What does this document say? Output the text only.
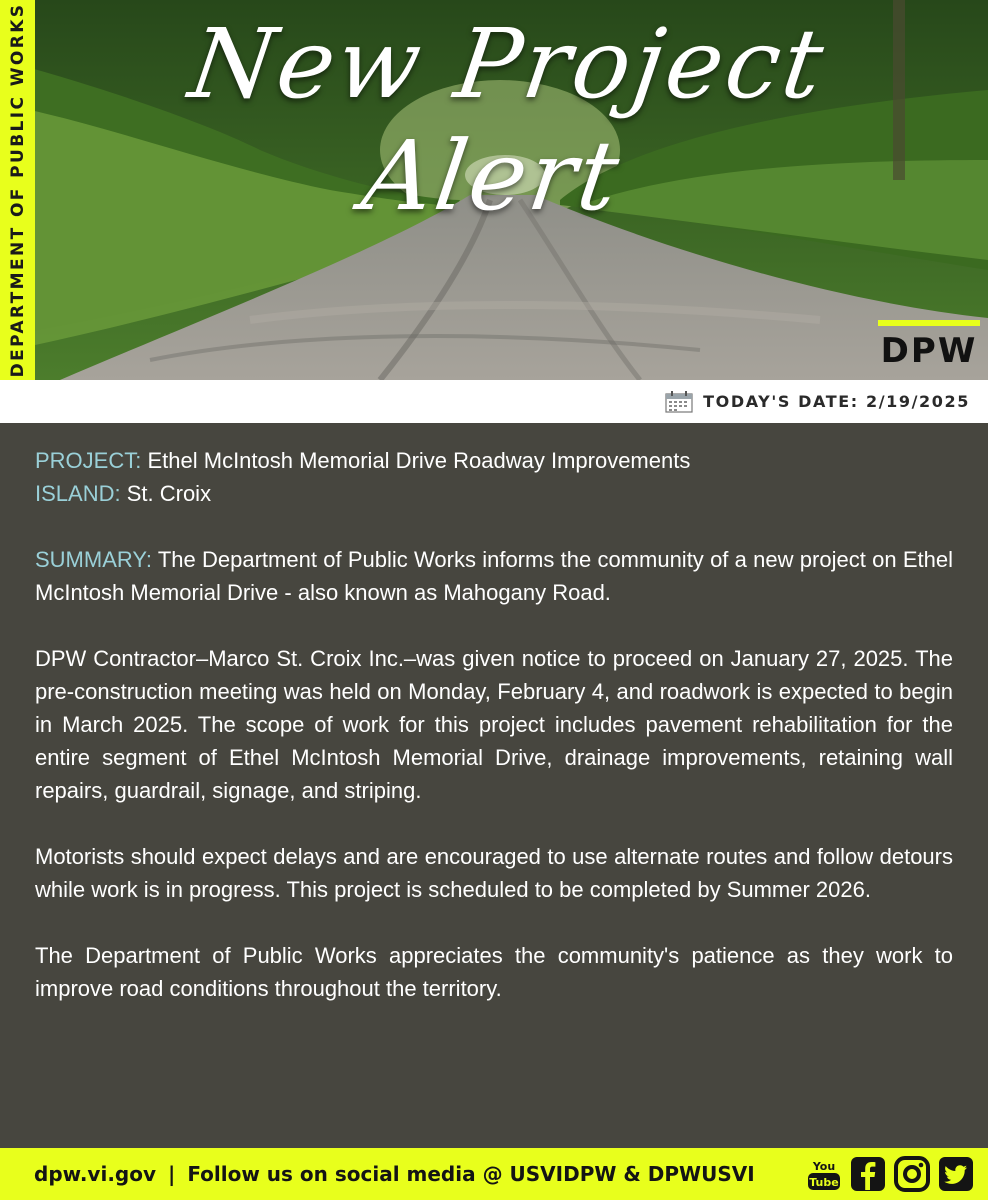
DEPARTMENT OF PUBLIC WORKS	New Project Alert
DPW
TODAY'S DATE: 2/19/2025

PROJECT: Ethel McIntosh Memorial Drive Roadway Improvements

ISLAND: St. Croix

SUMMARY: The Department of Public Works informs the community of a new project on Ethel McIntosh Memorial Drive - also known as Mahogany Road.

DPW Contractor–Marco St. Croix Inc.–was given notice to proceed on January 27, 2025. The pre-construction meeting was held on Monday, February 4, and roadwork is expected to begin in March 2025. The scope of work for this project includes pavement rehabilitation for the entire segment of Ethel McIntosh Memorial Drive, drainage improvements, retaining wall repairs, guardrail, signage, and striping.

Motorists should expect delays and are encouraged to use alternate routes and follow detours while work is in progress. This project is scheduled to be completed by Summer 2026.

The Department of Public Works appreciates the community's patience as they work to improve road conditions throughout the territory.

dpw.vi.gov | Follow us on social media @ USVIDPW & DPWUSVI	You
Tube
